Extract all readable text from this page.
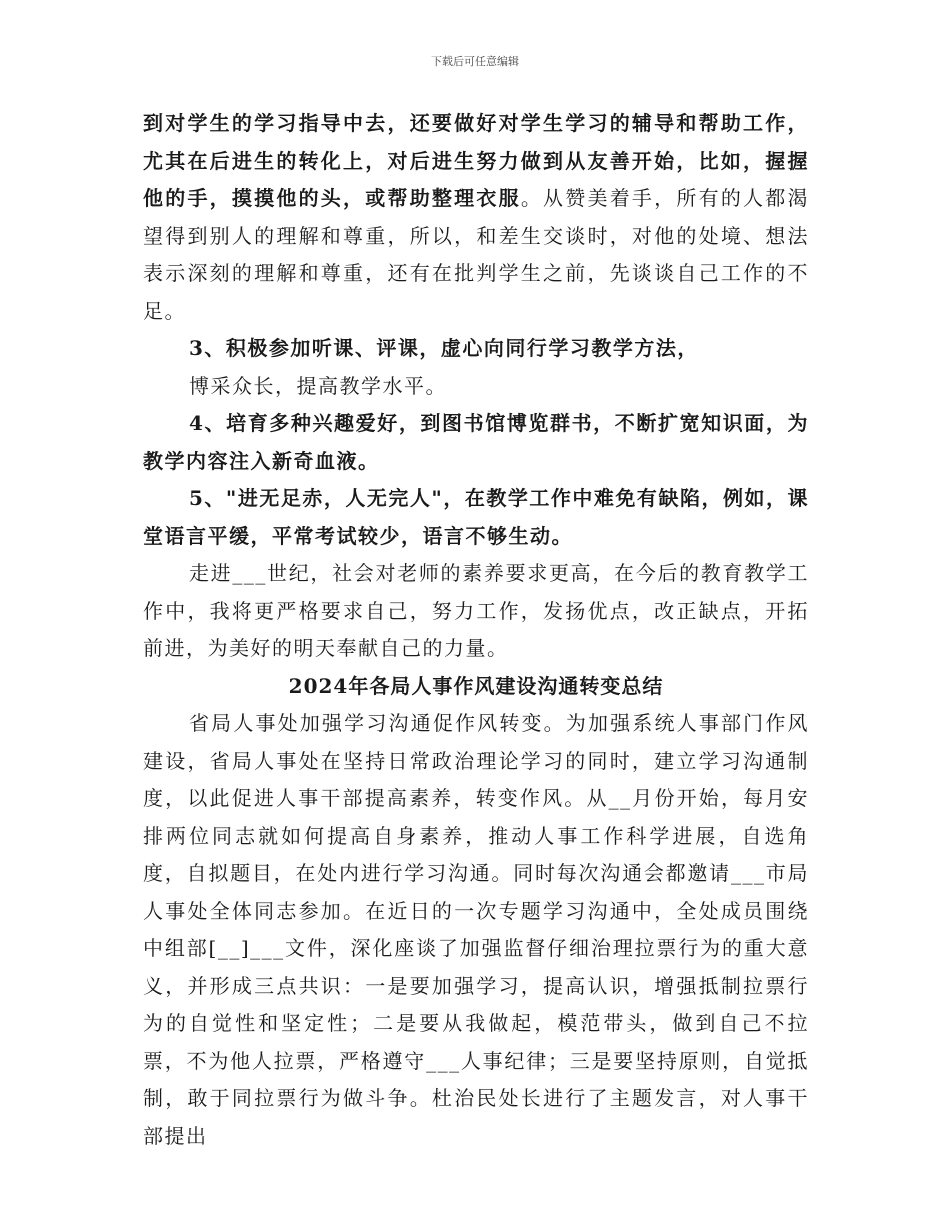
下载后可任意编辑

到对学生的学习指导中去，还要做好对学生学习的辅导和帮助工作，尤其在后进生的转化上，对后进生努力做到从友善开始，比如，握握他的手，摸摸他的头，或帮助整理衣服。从赞美着手，所有的人都渴望得到别人的理解和尊重，所以，和差生交谈时，对他的处境、想法表示深刻的理解和尊重，还有在批判学生之前，先谈谈自己工作的不足。

3、积极参加听课、评课，虚心向同行学习教学方法，

博采众长，提高教学水平。

4、培育多种兴趣爱好，到图书馆博览群书，不断扩宽知识面，为教学内容注入新奇血液。

5、"进无足赤，人无完人"，在教学工作中难免有缺陷，例如，课堂语言平缓，平常考试较少，语言不够生动。

走进___世纪，社会对老师的素养要求更高，在今后的教育教学工作中，我将更严格要求自己，努力工作，发扬优点，改正缺点，开拓前进，为美好的明天奉献自己的力量。

2024年各局人事作风建设沟通转变总结

省局人事处加强学习沟通促作风转变。为加强系统人事部门作风建设，省局人事处在坚持日常政治理论学习的同时，建立学习沟通制度，以此促进人事干部提高素养，转变作风。从__月份开始，每月安排两位同志就如何提高自身素养，推动人事工作科学进展，自选角度，自拟题目，在处内进行学习沟通。同时每次沟通会都邀请___市局人事处全体同志参加。在近日的一次专题学习沟通中，全处成员围绕中组部[__]___文件，深化座谈了加强监督仔细治理拉票行为的重大意义，并形成三点共识：一是要加强学习，提高认识，增强抵制拉票行为的自觉性和坚定性；二是要从我做起，模范带头，做到自己不拉票，不为他人拉票，严格遵守___人事纪律；三是要坚持原则，自觉抵制，敢于同拉票行为做斗争。杜治民处长进行了主题发言，对人事干部提出
